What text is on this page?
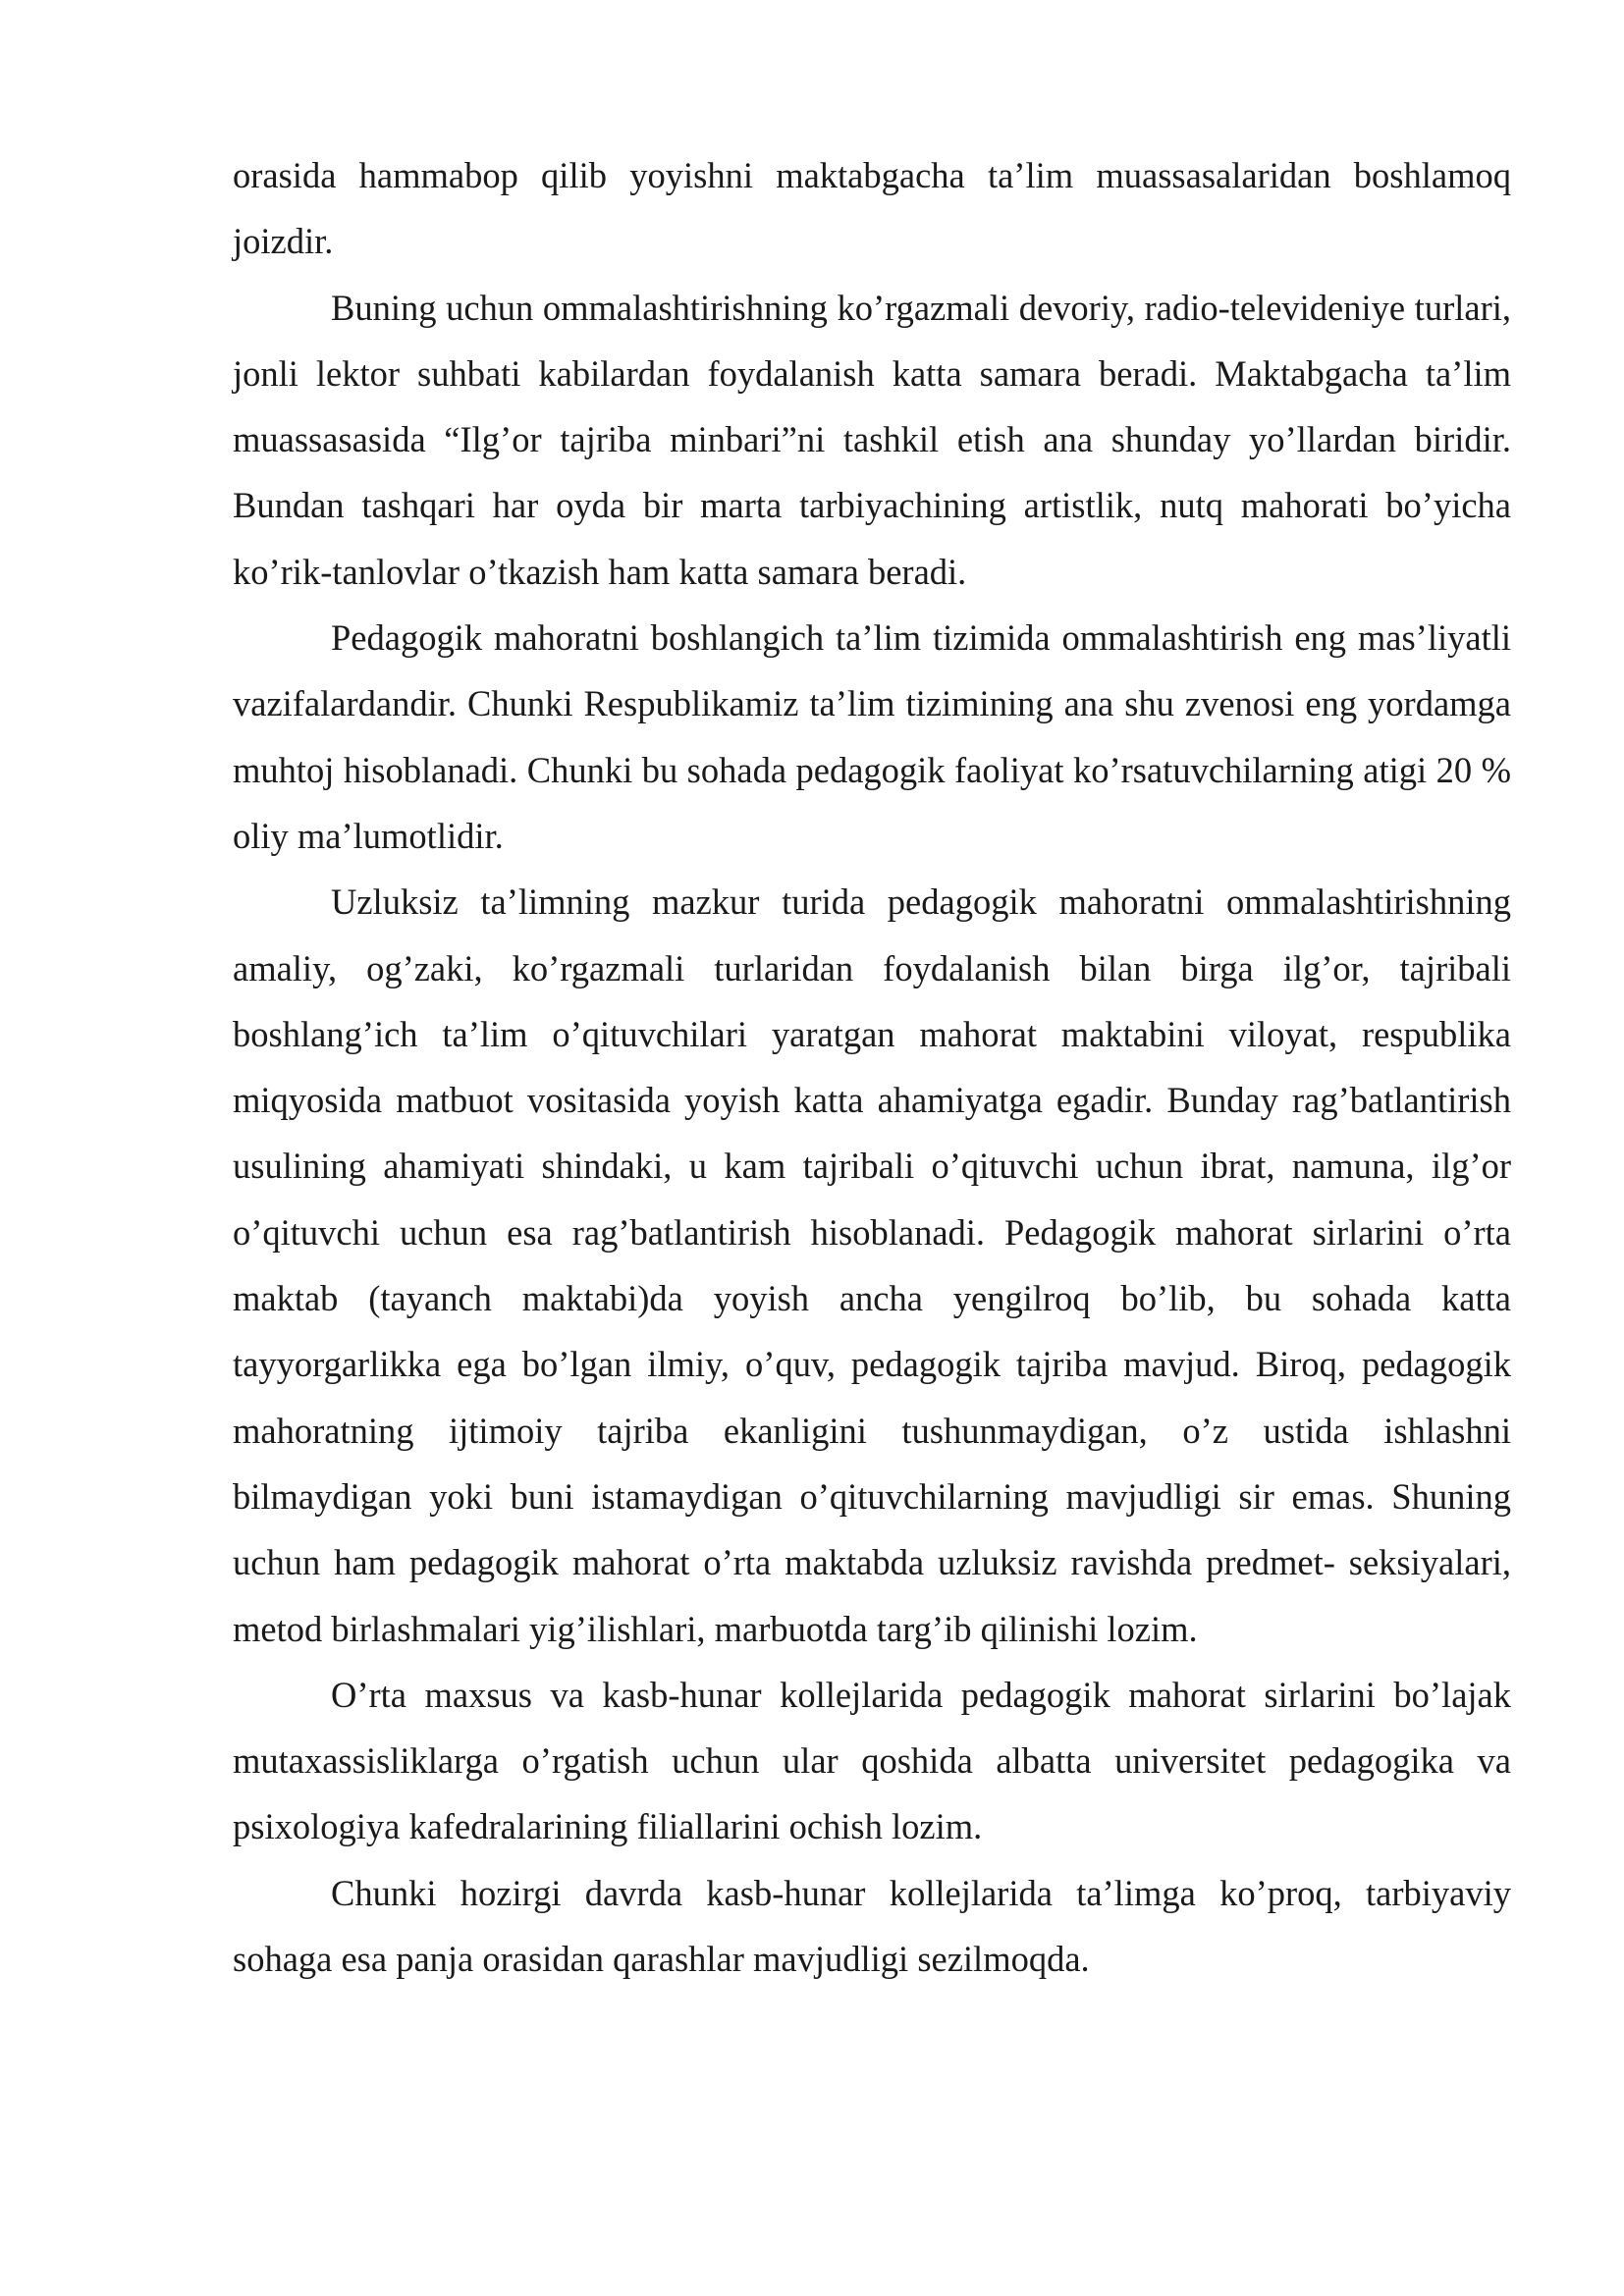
orasida hammabop qilib yoyishni maktabgacha ta’lim muassasalaridan boshlamoq joizdir.

Buning uchun ommalashtirishning ko’rgazmali devoriy, radio-televideniye turlari, jonli lektor suhbati kabilardan foydalanish katta samara beradi. Maktabgacha ta’lim muassasasida “Ilg’or tajriba minbari”ni tashkil etish ana shunday yo’llardan biridir. Bundan tashqari har oyda bir marta tarbiyachining artistlik, nutq mahorati bo’yicha ko’rik-tanlovlar o’tkazish ham katta samara beradi.

Pedagogik mahoratni boshlangich ta’lim tizimida ommalashtirish eng mas’liyatli vazifalardandir. Chunki Respublikamiz ta’lim tizimining ana shu zvenosi eng yordamga muhtoj hisoblanadi. Chunki bu sohada pedagogik faoliyat ko’rsatuvchilarning atigi 20 % oliy ma’lumotlidir.

Uzluksiz ta’limning mazkur turida pedagogik mahoratni ommalashtirishning amaliy, og’zaki, ko’rgazmali turlaridan foydalanish bilan birga ilg’or, tajribali boshlang’ich ta’lim o’qituvchilari yaratgan mahorat maktabini viloyat, respublika miqyosida matbuot vositasida yoyish katta ahamiyatga egadir. Bunday rag’batlantirish usulining ahamiyati shindaki, u kam tajribali o’qituvchi uchun ibrat, namuna, ilg’or o’qituvchi uchun esa rag’batlantirish hisoblanadi. Pedagogik mahorat sirlarini o’rta maktab (tayanch maktabi)da yoyish ancha yengilroq bo’lib, bu sohada katta tayyorgarlikka ega bo’lgan ilmiy, o’quv, pedagogik tajriba mavjud. Biroq, pedagogik mahoratning ijtimoiy tajriba ekanligini tushunmaydigan, o’z ustida ishlashni bilmaydigan yoki buni istamaydigan o’qituvchilarning mavjudligi sir emas. Shuning uchun ham pedagogik mahorat o’rta maktabda uzluksiz ravishda predmet- seksiyalari, metod birlashmalari yig’ilishlari, marbuotda targ’ib qilinishi lozim.

O’rta maxsus va kasb-hunar kollejlarida pedagogik mahorat sirlarini bo’lajak mutaxassisliklarga o’rgatish uchun ular qoshida albatta universitet pedagogika va psixologiya kafedralarining filiallarini ochish lozim.

Chunki hozirgi davrda kasb-hunar kollejlarida ta’limga ko’proq, tarbiyaviy sohaga esa panja orasidan qarashlar mavjudligi sezilmoqda.
